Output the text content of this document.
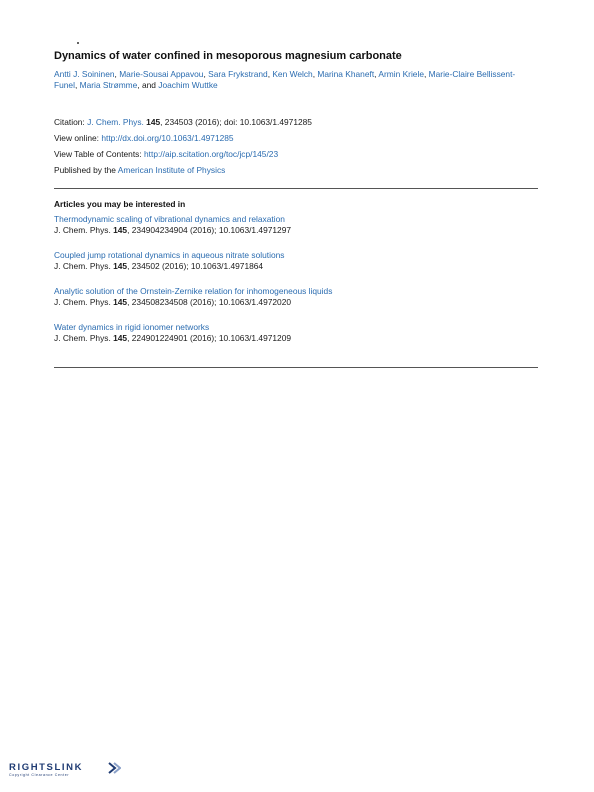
Dynamics of water confined in mesoporous magnesium carbonate
Antti J. Soininen, Marie-Sousai Appavou, Sara Frykstrand, Ken Welch, Marina Khaneft, Armin Kriele, Marie-Claire Bellissent-Funel, Maria Strømme, and Joachim Wuttke
Citation: J. Chem. Phys. 145, 234503 (2016); doi: 10.1063/1.4971285
View online: http://dx.doi.org/10.1063/1.4971285
View Table of Contents: http://aip.scitation.org/toc/jcp/145/23
Published by the American Institute of Physics
Articles you may be interested in
Thermodynamic scaling of vibrational dynamics and relaxation
J. Chem. Phys. 145, 234904234904 (2016); 10.1063/1.4971297
Coupled jump rotational dynamics in aqueous nitrate solutions
J. Chem. Phys. 145, 234502 (2016); 10.1063/1.4971864
Analytic solution of the Ornstein-Zernike relation for inhomogeneous liquids
J. Chem. Phys. 145, 234508234508 (2016); 10.1063/1.4972020
Water dynamics in rigid ionomer networks
J. Chem. Phys. 145, 224901224901 (2016); 10.1063/1.4971209
RIGHTSLINK
Copyright Clearance Center
